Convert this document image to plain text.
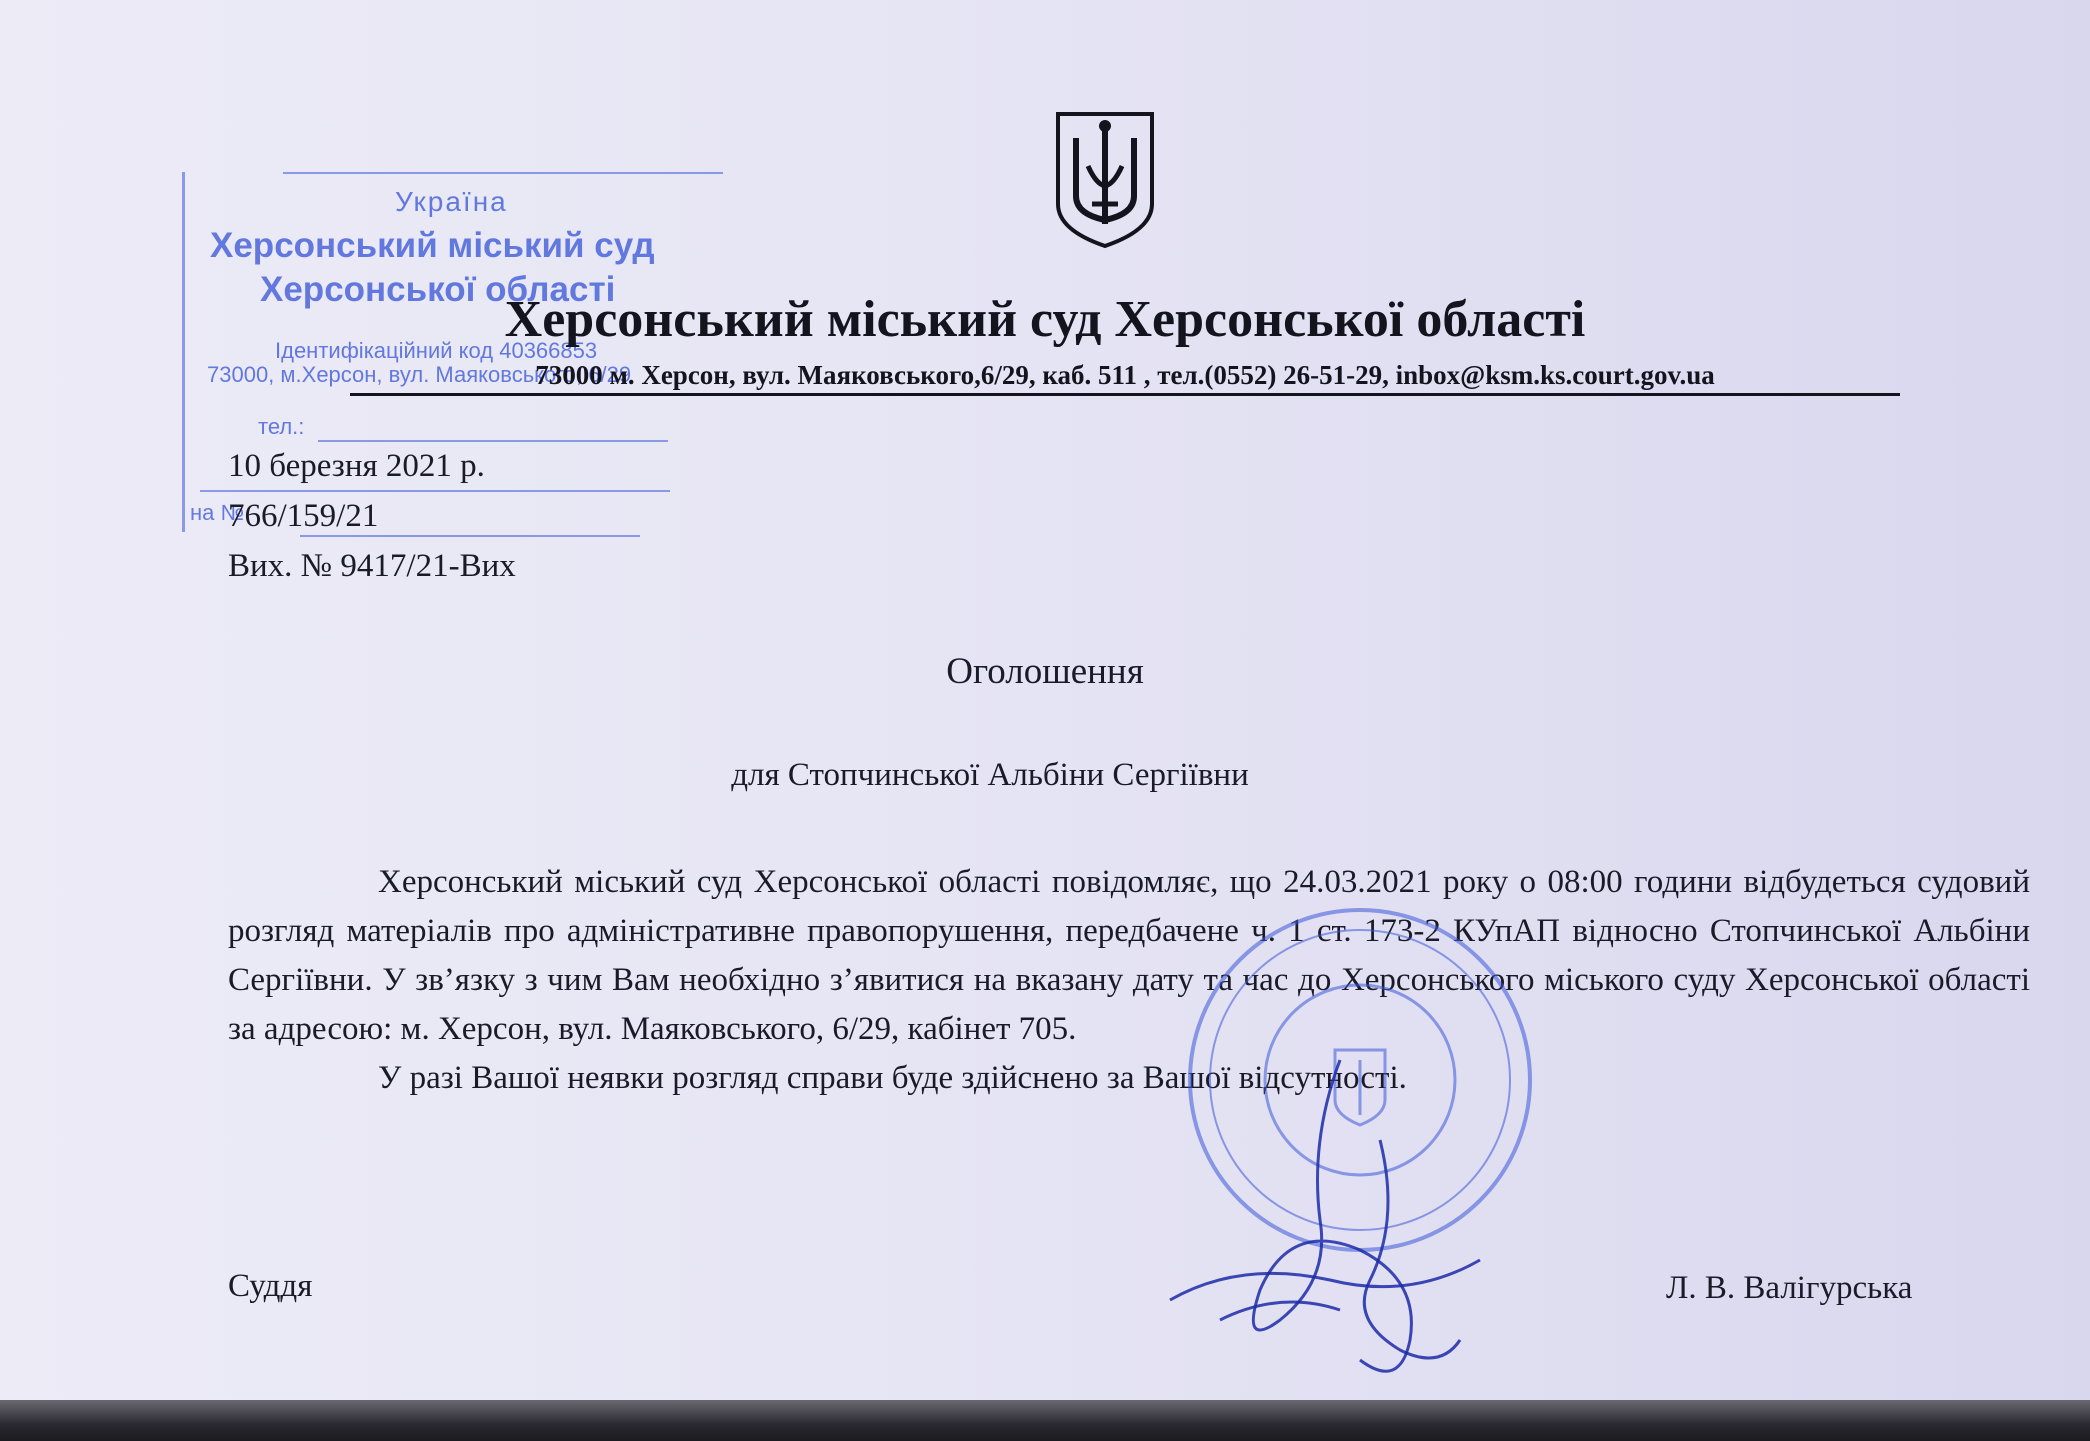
Україна
Херсонський міський суд
Херсонської області
Ідентифікаційний код 40366853
73000, м.Херсон, вул. Маяковського, 6/29
тел.:
на №
Херсонський міський суд Херсонської області
73000 м. Херсон, вул. Маяковського,6/29, каб. 511 , тел.(0552) 26-51-29, inbox@ksm.ks.court.gov.ua
10 березня 2021 р.
766/159/21
Вих. № 9417/21-Вих
Оголошення
для Стопчинської Альбіни Сергіївни

Херсонський міський суд Херсонської області повідомляє, що 24.03.2021 року о 08:00 години відбудеться судовий розгляд матеріалів про адміністративне правопорушення, передбачене ч. 1 ст. 173-2 КУпАП відносно Стопчинської Альбіни Сергіївни. У зв’язку з чим Вам необхідно з’явитися на вказану дату та час до Херсонського міського суду Херсонської області за адресою: м. Херсон, вул. Маяковського, 6/29, кабінет 705.

У разі Вашої неявки розгляд справи буде здійснено за Вашої відсутності.

Суддя	Л. В. Валігурська
